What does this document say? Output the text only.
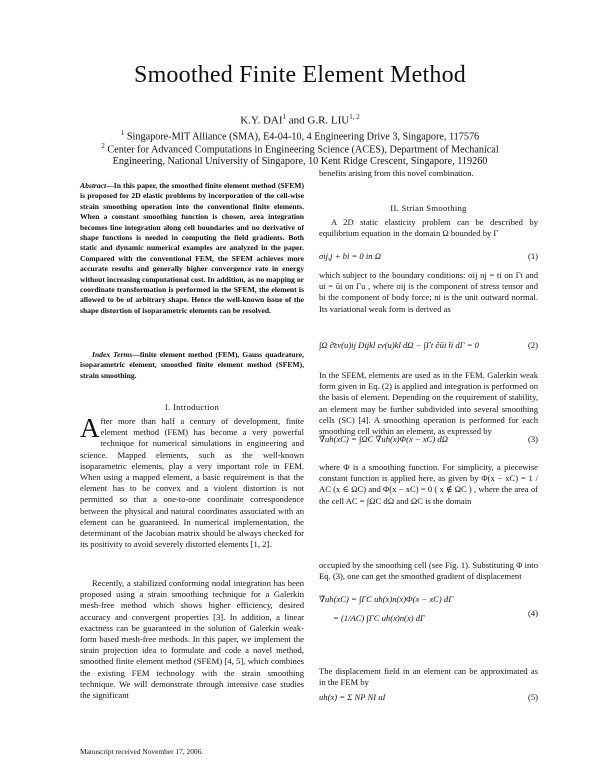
Smoothed Finite Element Method
K.Y. DAI$^1$ and G.R. LIU$^{1, 2}$
$^1$ Singapore-MIT Alliance (SMA), E4-04-10, 4 Engineering Drive 3, Singapore, 117576
$^2$ Center for Advanced Computations in Engineering Science (ACES), Department of Mechanical
Engineering, National University of Singapore, 10 Kent Ridge Crescent, Singapore, 119260
Abstract—In this paper, the smoothed finite element method (SFEM) is proposed for 2D elastic problems by incorporation of the cell-wise strain smoothing operation into the conventional finite elements. When a constant smoothing function is chosen, area integration becomes line integration along cell boundaries and no derivative of shape functions is needed in computing the field gradients. Both static and dynamic numerical examples are analyzed in the paper. Compared with the conventional FEM, the SFEM achieves more accurate results and generally higher convergence rate in energy without increasing computational cost. In addition, as no mapping or coordinate transformation is performed in the SFEM, the element is allowed to be of arbitrary shape. Hence the well-known issue of the shape distortion of isoparametric elements can be resolved.
Index Terms—finite element method (FEM), Gauss quadrature, isoparametric element, smoothed finite element method (SFEM), strain smoothing.
I. Introduction
After more than half a century of development, finite element method (FEM) has become a very powerful technique for numerical simulations in engineering and science. Mapped elements, such as the well-known isoparametric elements, play a very important role in FEM. When using a mapped element, a basic requirement is that the element has to be convex and a violent distortion is not permitted so that a one-to-one coordinate correspondence between the physical and natural coordinates associated with an element can be guaranteed. In numerical implementation, the determinant of the Jacobian matrix should be always checked for its positivity to avoid severely distorted elements [1, 2].
Recently, a stabilized conforming nodal integration has been proposed using a strain smoothing technique for a Galerkin mesh-free method which shows higher efficiency, desired accuracy and convergent properties [3]. In addition, a linear exactness can be guaranteed in the solution of Galerkin weak-form based mesh-free methods. In this paper, we implement the strain projection idea to formulate and code a novel method, smoothed finite element method (SFEM) [4, 5], which combines the existing FEM technology with the strain smoothing technique. We will demonstrate through intensive case studies the significant
benefits arising from this novel combination.
II. Strian Smoothing
A 2D static elasticity problem can be described by equilibrium equation in the domain Ω bounded by Γ
σij,j + bi = 0 in Ω	(1)
which subject to the boundary conditions: σij nj = ti on Γt and ui = ūi on Γu , where σij is the component of stress tensor and bi the component of body force; ni is the unit outward normal. Its variational weak form is derived as
∫Ω ∂̄εv(u)ij Dijkl εv(u)kl dΩ − ∫Γt ∂ūi t̄i dΓ = 0	(2)
In the SFEM, elements are used as in the FEM. Galerkin weak form given in Eq. (2) is applied and integration is performed on the basis of element. Depending on the requirement of stability, an element may be further subdivided into several smoothing cells (SC) [4]. A smoothing operation is performed for each smoothing cell within an element, as expressed by
∇̃uh(xC) = ∫ΩC ∇uh(x)Φ(x − xC) dΩ	(3)
where Φ is a smoothing function. For simplicity, a piecewise constant function is applied here, as given by Φ(x − xC) = 1 / AC (x ∈ ΩC) and Φ(x − xC) = 0 ( x ∉ ΩC ) , where the area of the cell AC = ∫ΩC dΩ and ΩC is the domain
occupied by the smoothing cell (see Fig. 1). Substituting Φ into Eq. (3), one can get the smoothed gradient of displacement
∇̃uh(xC) = ∫ΓC uh(x)n(x)Φ(x − xC) dΓ
= (1/AC) ∫ΓC uh(x)n(x) dΓ
(4)
The displacement field in an element can be approximated as in the FEM by
uh(x) = Σ NP NI uI	(5)
Manuscript received November 17, 2006.
